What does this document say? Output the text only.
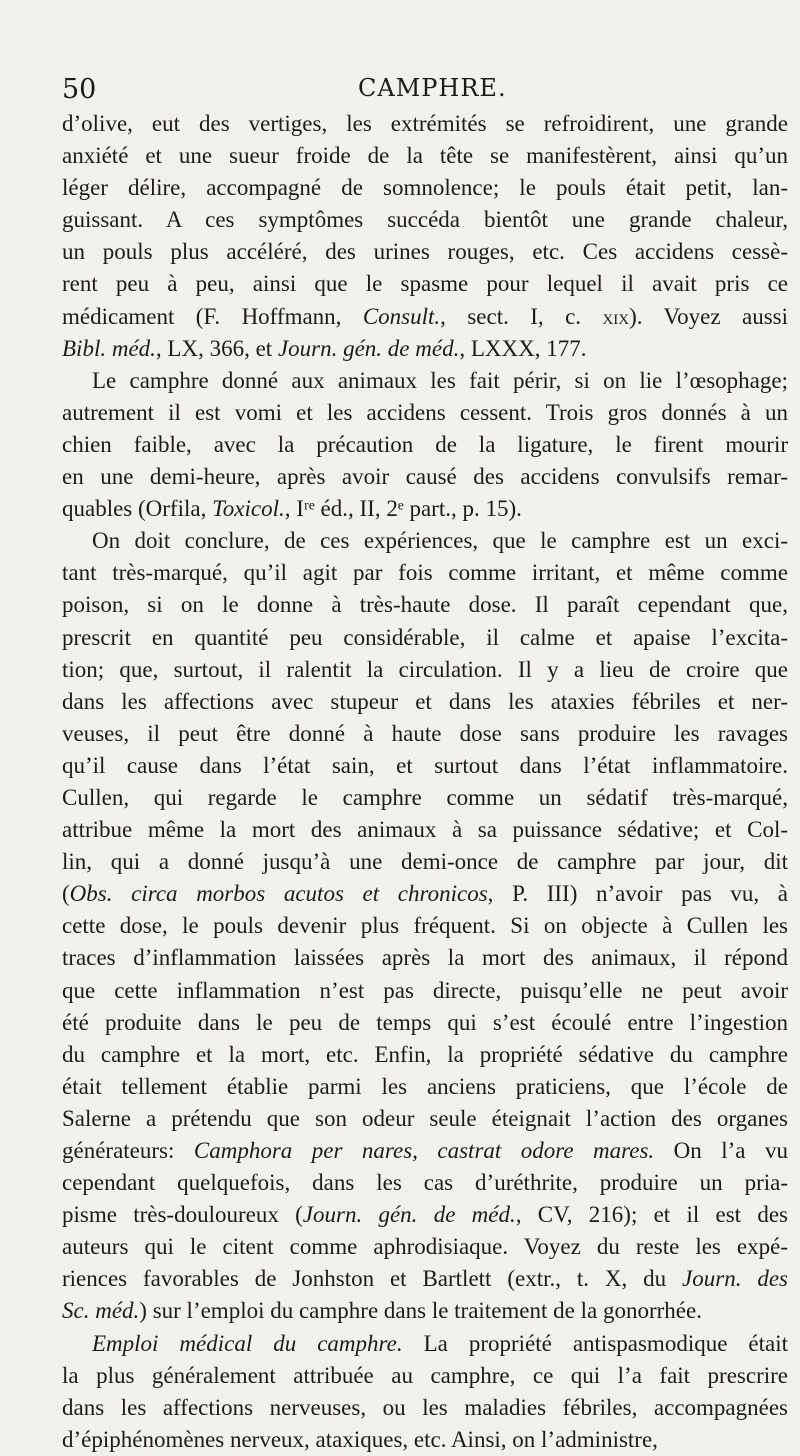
50	CAMPHRE.
d’olive, eut des vertiges, les extrémités se refroidirent, une grande
anxiété et une sueur froide de la tête se manifestèrent, ainsi qu’un
léger délire, accompagné de somnolence; le pouls était petit, lan-
guissant. A ces symptômes succéda bientôt une grande chaleur,
un pouls plus accéléré, des urines rouges, etc. Ces accidens cessè-
rent peu à peu, ainsi que le spasme pour lequel il avait pris ce
médicament (F. Hoffmann, Consult., sect. I, c. XIX). Voyez aussi
Bibl. méd., LX, 366, et Journ. gén. de méd., LXXX, 177.
Le camphre donné aux animaux les fait périr, si on lie l’œsophage;
autrement il est vomi et les accidens cessent. Trois gros donnés à un
chien faible, avec la précaution de la ligature, le firent mourir
en une demi-heure, après avoir causé des accidens convulsifs remar-
quables (Orfila, Toxicol., Iʳᵉ éd., II, 2ᵉ part., p. 15).
On doit conclure, de ces expériences, que le camphre est un exci-
tant très-marqué, qu’il agit par fois comme irritant, et même comme
poison, si on le donne à très-haute dose. Il paraît cependant que,
prescrit en quantité peu considérable, il calme et apaise l’excita-
tion; que, surtout, il ralentit la circulation. Il y a lieu de croire que
dans les affections avec stupeur et dans les ataxies fébriles et ner-
veuses, il peut être donné à haute dose sans produire les ravages
qu’il cause dans l’état sain, et surtout dans l’état inflammatoire.
Cullen, qui regarde le camphre comme un sédatif très-marqué,
attribue même la mort des animaux à sa puissance sédative; et Col-
lin, qui a donné jusqu’à une demi-once de camphre par jour, dit
(Obs. circa morbos acutos et chronicos, P. III) n’avoir pas vu, à
cette dose, le pouls devenir plus fréquent. Si on objecte à Cullen les
traces d’inflammation laissées après la mort des animaux, il répond
que cette inflammation n’est pas directe, puisqu’elle ne peut avoir
été produite dans le peu de temps qui s’est écoulé entre l’ingestion
du camphre et la mort, etc. Enfin, la propriété sédative du camphre
était tellement établie parmi les anciens praticiens, que l’école de
Salerne a prétendu que son odeur seule éteignait l’action des organes
générateurs: Camphora per nares, castrat odore mares. On l’a vu
cependant quelquefois, dans les cas d’uréthrite, produire un pria-
pisme très-douloureux (Journ. gén. de méd., CV, 216); et il est des
auteurs qui le citent comme aphrodisiaque. Voyez du reste les expé-
riences favorables de Jonhston et Bartlett (extr., t. X, du Journ. des
Sc. méd.) sur l’emploi du camphre dans le traitement de la gonorrhée.
Emploi médical du camphre. La propriété antispasmodique était
la plus généralement attribuée au camphre, ce qui l’a fait prescrire
dans les affections nerveuses, ou les maladies fébriles, accompagnées
d’épiphénomènes nerveux, ataxiques, etc. Ainsi, on l’administre,
